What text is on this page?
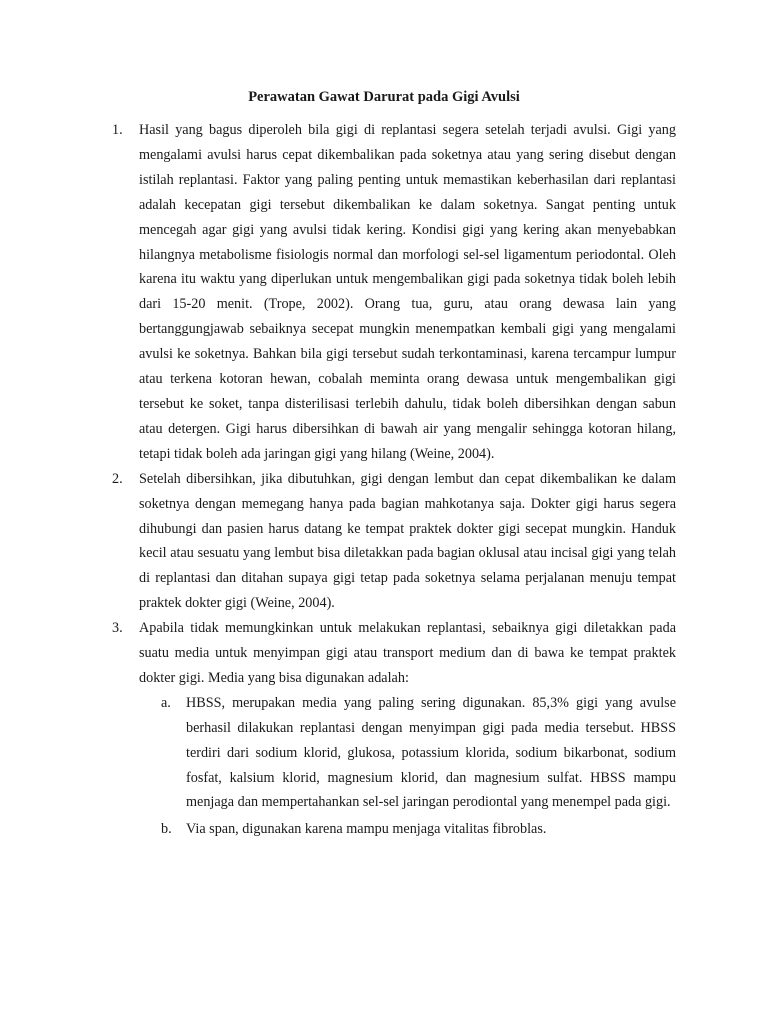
Perawatan Gawat Darurat pada Gigi Avulsi
1. Hasil yang bagus diperoleh bila gigi di replantasi segera setelah terjadi avulsi. Gigi yang mengalami avulsi harus cepat dikembalikan pada soketnya atau yang sering disebut dengan istilah replantasi. Faktor yang paling penting untuk memastikan keberhasilan dari replantasi adalah kecepatan gigi tersebut dikembalikan ke dalam soketnya. Sangat penting untuk mencegah agar gigi yang avulsi tidak kering. Kondisi gigi yang kering akan menyebabkan hilangnya metabolisme fisiologis normal dan morfologi sel-sel ligamentum periodontal. Oleh karena itu waktu yang diperlukan untuk mengembalikan gigi pada soketnya tidak boleh lebih dari 15-20 menit. (Trope, 2002). Orang tua, guru, atau orang dewasa lain yang bertanggungjawab sebaiknya secepat mungkin menempatkan kembali gigi yang mengalami avulsi ke soketnya. Bahkan bila gigi tersebut sudah terkontaminasi, karena tercampur lumpur atau terkena kotoran hewan, cobalah meminta orang dewasa untuk mengembalikan gigi tersebut ke soket, tanpa disterilisasi terlebih dahulu, tidak boleh dibersihkan dengan sabun atau detergen. Gigi harus dibersihkan di bawah air yang mengalir sehingga kotoran hilang, tetapi tidak boleh ada jaringan gigi yang hilang (Weine, 2004).
2. Setelah dibersihkan, jika dibutuhkan, gigi dengan lembut dan cepat dikembalikan ke dalam soketnya dengan memegang hanya pada bagian mahkotanya saja. Dokter gigi harus segera dihubungi dan pasien harus datang ke tempat praktek dokter gigi secepat mungkin. Handuk kecil atau sesuatu yang lembut bisa diletakkan pada bagian oklusal atau incisal gigi yang telah di replantasi dan ditahan supaya gigi tetap pada soketnya selama perjalanan menuju tempat praktek dokter gigi (Weine, 2004).
3. Apabila tidak memungkinkan untuk melakukan replantasi, sebaiknya gigi diletakkan pada suatu media untuk menyimpan gigi atau transport medium dan di bawa ke tempat praktek dokter gigi. Media yang bisa digunakan adalah:
a. HBSS, merupakan media yang paling sering digunakan. 85,3% gigi yang avulse berhasil dilakukan replantasi dengan menyimpan gigi pada media tersebut. HBSS terdiri dari sodium klorid, glukosa, potassium klorida, sodium bikarbonat, sodium fosfat, kalsium klorid, magnesium klorid, dan magnesium sulfat. HBSS mampu menjaga dan mempertahankan sel-sel jaringan perodiontal yang menempel pada gigi.
b. Via span, digunakan karena mampu menjaga vitalitas fibroblas.
